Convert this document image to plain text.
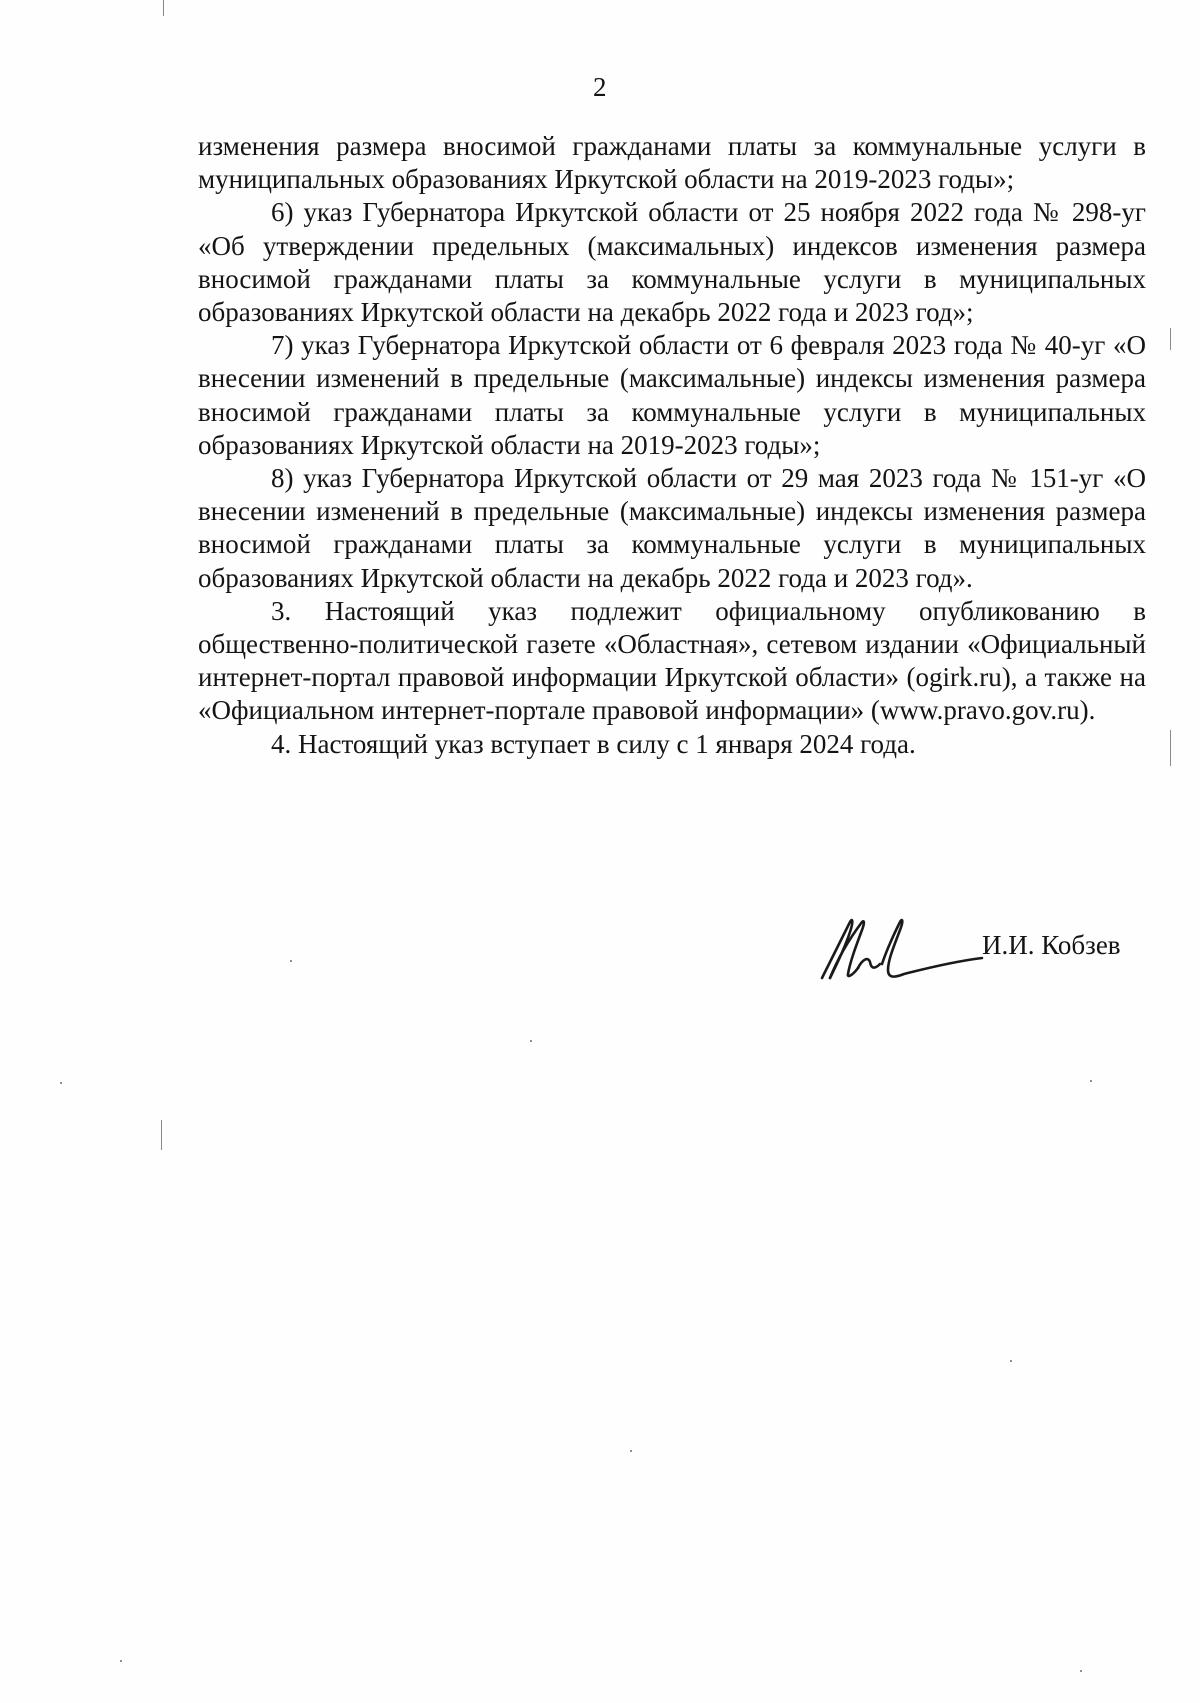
2

изменения размера вносимой гражданами платы за коммунальные услуги в муниципальных образованиях Иркутской области на 2019-2023 годы»;

6) указ Губернатора Иркутской области от 25 ноября 2022 года № 298-уг «Об утверждении предельных (максимальных) индексов изменения размера вносимой гражданами платы за коммунальные услуги в муниципальных образованиях Иркутской области на декабрь 2022 года и 2023 год»;

7) указ Губернатора Иркутской области от 6 февраля 2023 года № 40-уг «О внесении изменений в предельные (максимальные) индексы изменения размера вносимой гражданами платы за коммунальные услуги в муниципальных образованиях Иркутской области на 2019-2023 годы»;

8) указ Губернатора Иркутской области от 29 мая 2023 года № 151-уг «О внесении изменений в предельные (максимальные) индексы изменения размера вносимой гражданами платы за коммунальные услуги в муниципальных образованиях Иркутской области на декабрь 2022 года и 2023 год».

3. Настоящий указ подлежит официальному опубликованию в общественно-политической газете «Областная», сетевом издании «Официальный интернет-портал правовой информации Иркутской области» (ogirk.ru), а также на «Официальном интернет-портале правовой информации» (www.pravo.gov.ru).

4. Настоящий указ вступает в силу с 1 января 2024 года.

И.И. Кобзев
